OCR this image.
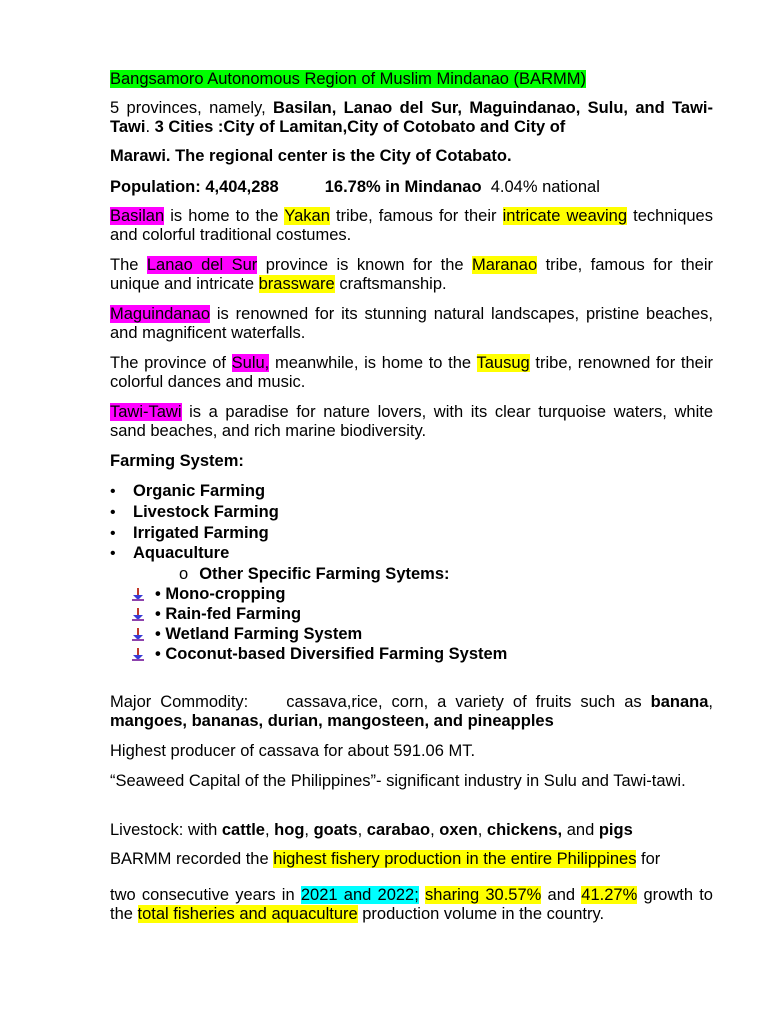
Bangsamoro Autonomous Region of Muslim Mindanao (BARMM)

5 provinces, namely, Basilan, Lanao del Sur, Maguindanao, Sulu, and Tawi-Tawi. 3 Cities :City of Lamitan,City of Cotobato and City of

Marawi. The regional center is the City of Cotabato.

Population: 4,404,288	16.78% in Mindanao 4.04% national

Basilan is home to the Yakan tribe, famous for their intricate weaving techniques and colorful traditional costumes.

The Lanao del Sur province is known for the Maranao tribe, famous for their unique and intricate brassware craftsmanship.

Maguindanao is renowned for its stunning natural landscapes, pristine beaches, and magnificent waterfalls.

The province of Sulu, meanwhile, is home to the Tausug tribe, renowned for their colorful dances and music.

Tawi-Tawi is a paradise for nature lovers, with its clear turquoise waters, white sand beaches, and rich marine biodiversity.

Farming System:

• Organic Farming
• Livestock Farming
• Irrigated Farming
• Aquaculture
o Other Specific Farming Sytems:
• Mono-cropping
• Rain-fed Farming
• Wetland Farming System
• Coconut-based Diversified Farming System

Major Commodity: cassava,rice, corn, a variety of fruits such as banana, mangoes, bananas, durian, mangosteen, and pineapples

Highest producer of cassava for about 591.06 MT.

“Seaweed Capital of the Philippines”- significant industry in Sulu and Tawi-tawi.

Livestock: with cattle, hog, goats, carabao, oxen, chickens, and pigs

BARMM recorded the highest fishery production in the entire Philippines for

two consecutive years in 2021 and 2022; sharing 30.57% and 41.27% growth to the total fisheries and aquaculture production volume in the country.
